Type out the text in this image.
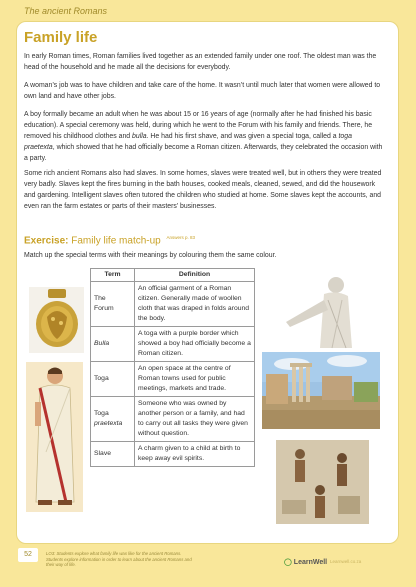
The ancient Romans
Family life

In early Roman times, Roman families lived together as an extended family under one roof. The oldest man was the head of the household and he made all the decisions for everybody.

A woman’s job was to have children and take care of the home. It wasn’t until much later that women were allowed to own land and have other jobs.

A boy formally became an adult when he was about 15 or 16 years of age (normally after he had finished his basic education). A special ceremony was held, during which he went to the Forum with his family and friends. There, he removed his childhood clothes and bulla. He had his first shave, and was given a special toga, called a toga praetexta, which showed that he had officially become a Roman citizen. Afterwards, they celebrated the occasion with a party.

Some rich ancient Romans also had slaves. In some homes, slaves were treated well, but in others they were treated very badly. Slaves kept the fires burning in the bath houses, cooked meals, cleaned, sewed, and did the housework and gardening. Intelligent slaves often tutored the children who studied at home. Some slaves kept the accounts, and even ran the farm estates or parts of their masters’ businesses.

Exercise: Family life match-up $^{Answers p. 83}$

Match up the special terms with their meanings by colouring them the same colour.

Term	Definition

The
Forum	An official garment of a Roman citizen. Generally made of woollen cloth that was draped in folds around the body.

Bulla	A toga with a purple border which showed a boy had officially become a Roman citizen.

Toga	An open space at the centre of Roman towns used for public meetings, markets and trade.

Toga
praetexta	Someone who was owned by another person or a family, and had to carry out all tasks they were given without question.

Slave	A charm given to a child at birth to keep away evil spirits.
52	LO3: Students explore what family life was like for the ancient Romans. Students explore information in order to learn about the ancient Romans and their way of life.	◯ LearnWell Learnwell.co.za
